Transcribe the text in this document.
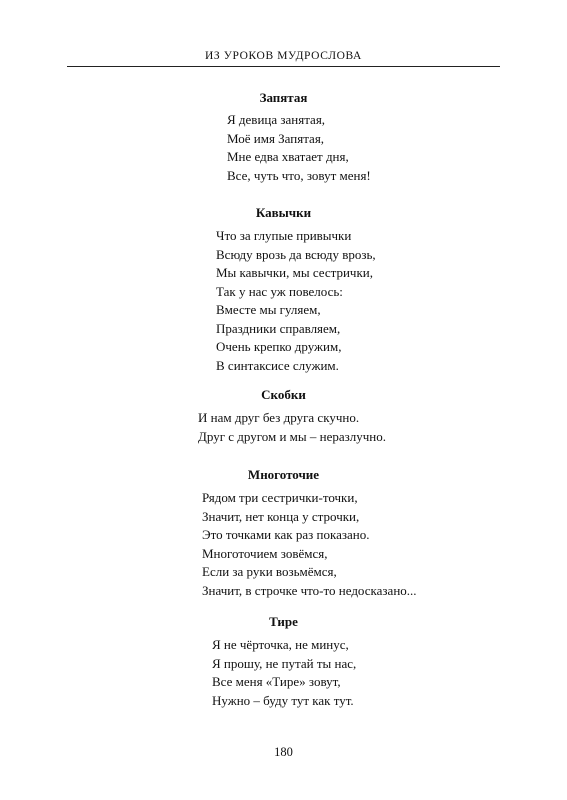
ИЗ УРОКОВ МУДРОСЛОВА
Запятая
Я девица занятая,
Моё имя Запятая,
Мне едва хватает дня,
Все, чуть что, зовут меня!
Кавычки
Что за глупые привычки
Всюду врозь да всюду врозь,
Мы кавычки, мы сестрички,
Так у нас уж повелось:
Вместе мы гуляем,
Праздники справляем,
Очень крепко дружим,
В синтаксисе служим.
Скобки
И нам друг без друга скучно.
Друг с другом и мы – неразлучно.
Многоточие
Рядом три сестрички-точки,
Значит, нет конца у строчки,
Это точками как раз показано.
Многоточием зовёмся,
Если за руки возьмёмся,
Значит, в строчке что-то недосказано...
Тире
Я не чёрточка, не минус,
Я прошу, не путай ты нас,
Все меня «Тире» зовут,
Нужно – буду тут как тут.
180
